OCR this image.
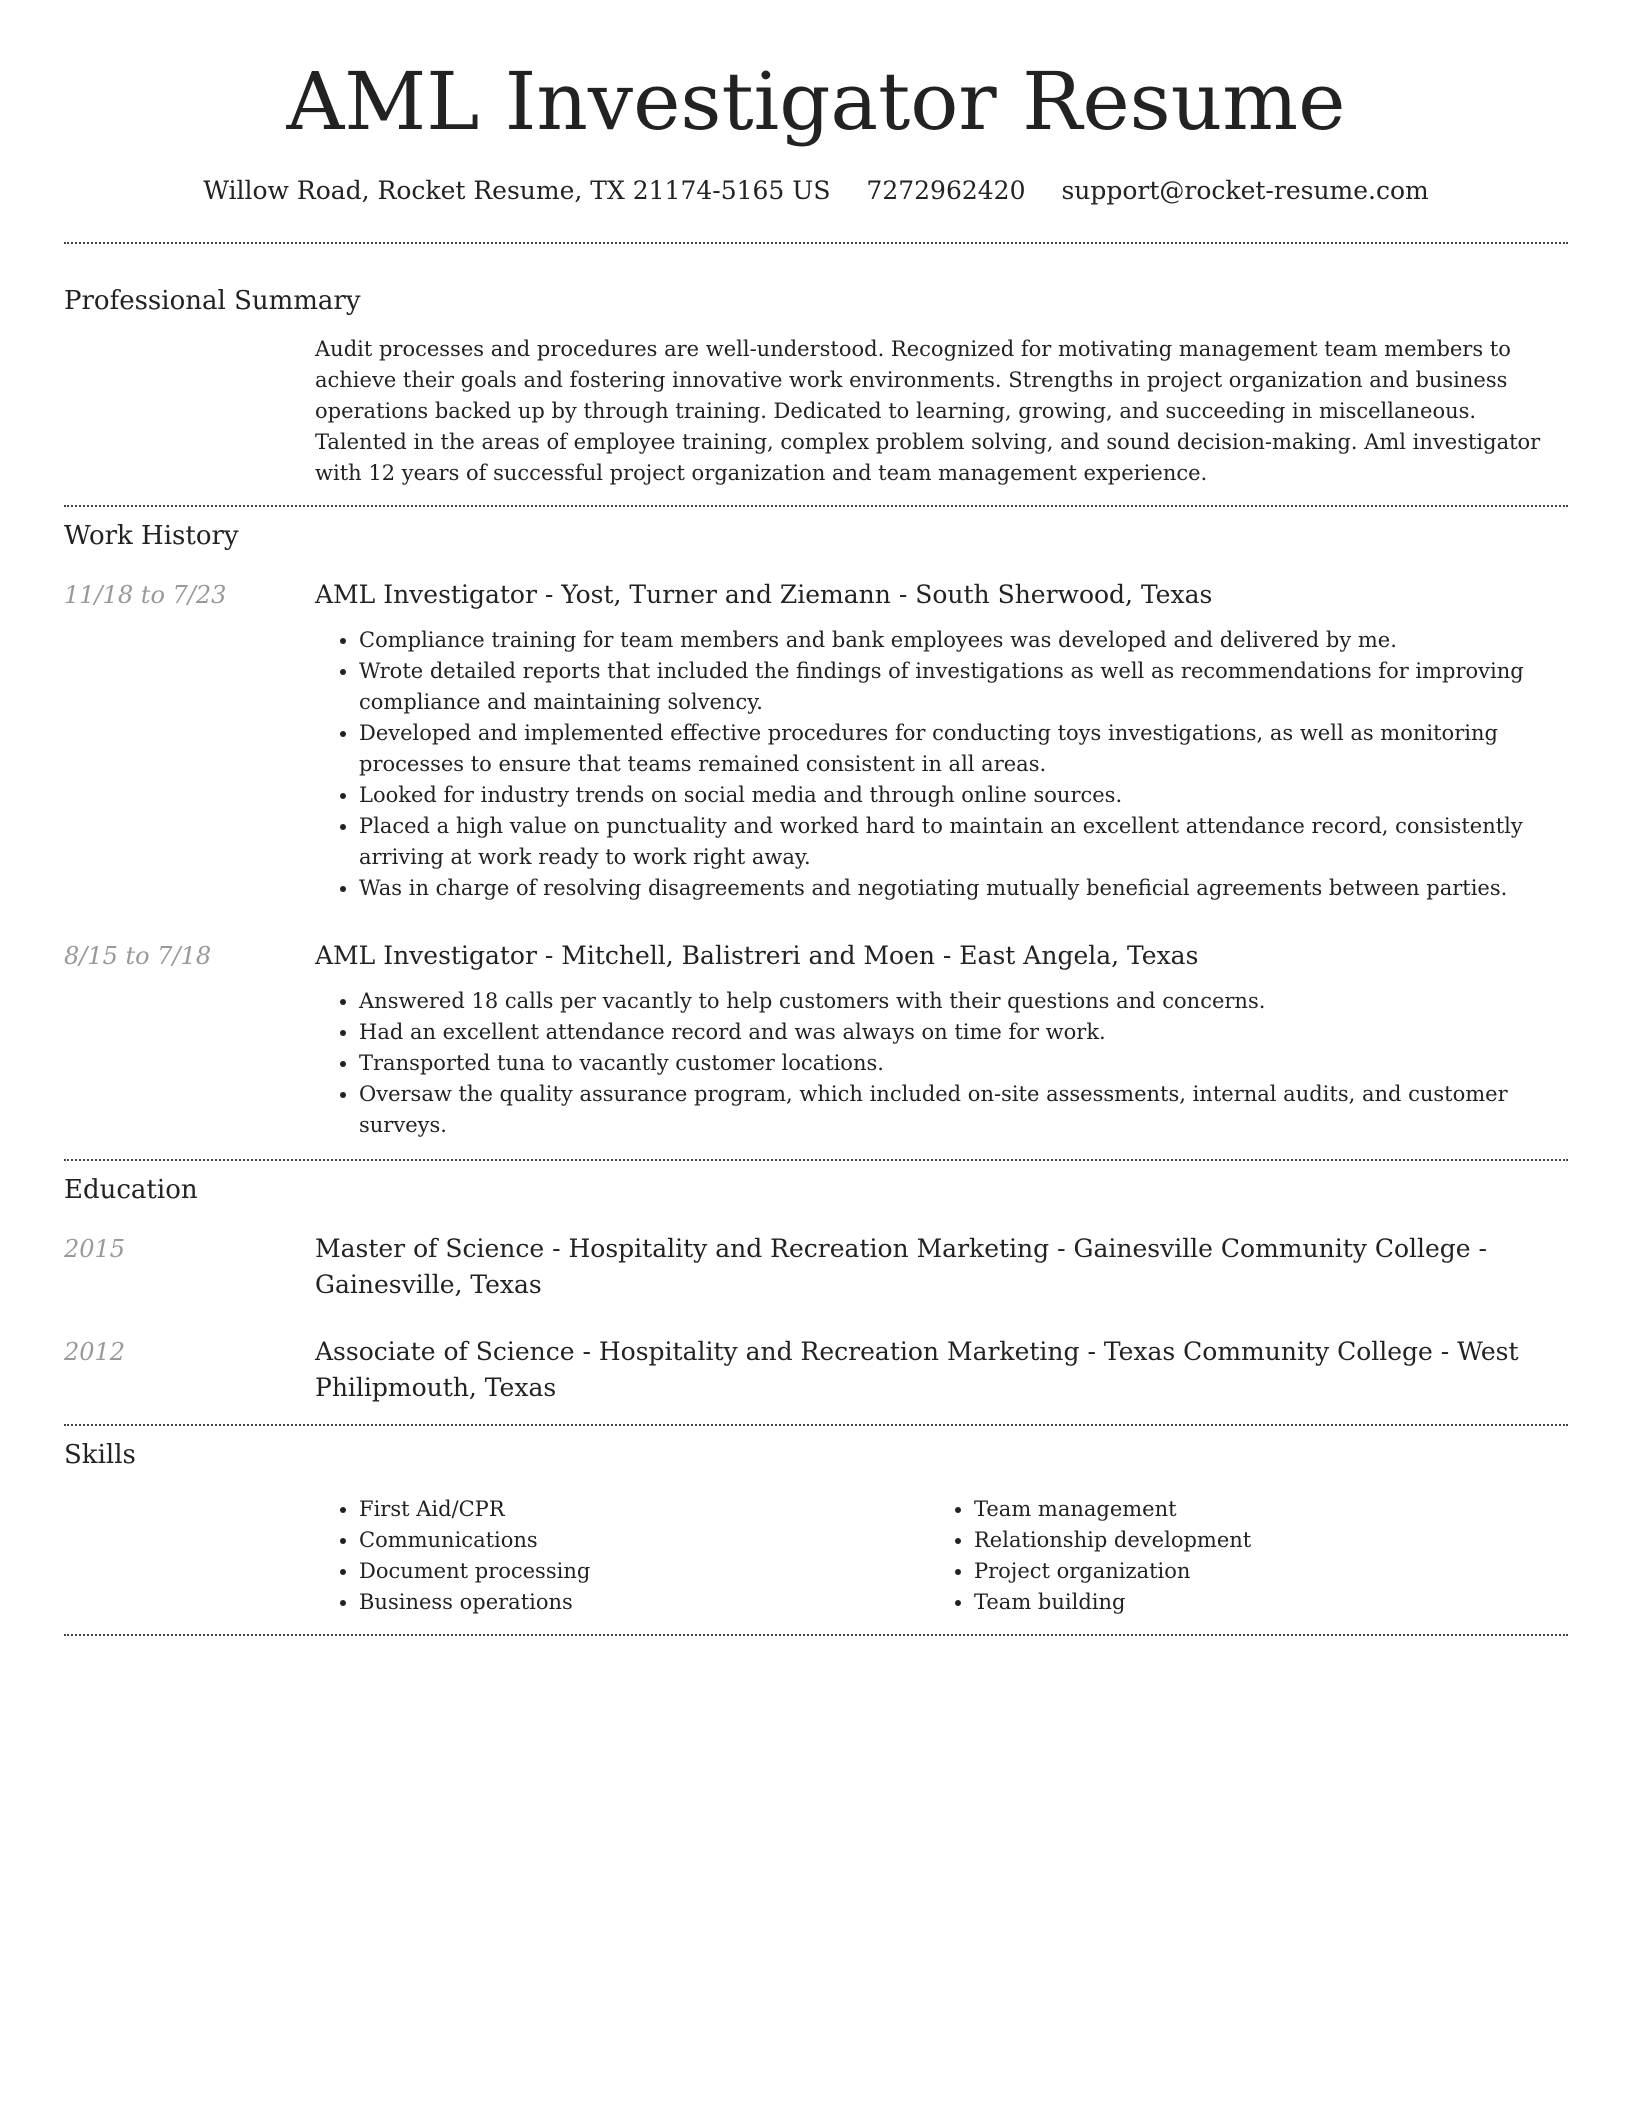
AML Investigator Resume
Willow Road, Rocket Resume, TX 21174-5165 US 7272962420 support@rocket-resume.com
Professional Summary
Audit processes and procedures are well-understood. Recognized for motivating management team members to achieve their goals and fostering innovative work environments. Strengths in project organization and business operations backed up by through training. Dedicated to learning, growing, and succeeding in miscellaneous. Talented in the areas of employee training, complex problem solving, and sound decision-making. Aml investigator with 12 years of successful project organization and team management experience.
Work History
11/18 to 7/23	AML Investigator - Yost, Turner and Ziemann - South Sherwood, Texas
• Compliance training for team members and bank employees was developed and delivered by me.
• Wrote detailed reports that included the findings of investigations as well as recommendations for improving compliance and maintaining solvency.
• Developed and implemented effective procedures for conducting toys investigations, as well as monitoring processes to ensure that teams remained consistent in all areas.
• Looked for industry trends on social media and through online sources.
• Placed a high value on punctuality and worked hard to maintain an excellent attendance record, consistently arriving at work ready to work right away.
• Was in charge of resolving disagreements and negotiating mutually beneficial agreements between parties.
8/15 to 7/18	AML Investigator - Mitchell, Balistreri and Moen - East Angela, Texas
• Answered 18 calls per vacantly to help customers with their questions and concerns.
• Had an excellent attendance record and was always on time for work.
• Transported tuna to vacantly customer locations.
• Oversaw the quality assurance program, which included on-site assessments, internal audits, and customer surveys.
Education
2015	Master of Science - Hospitality and Recreation Marketing - Gainesville Community College - Gainesville, Texas
2012	Associate of Science - Hospitality and Recreation Marketing - Texas Community College - West Philipmouth, Texas
Skills
• First Aid/CPR
• Communications
• Document processing
• Business operations
• Team management
• Relationship development
• Project organization
• Team building
